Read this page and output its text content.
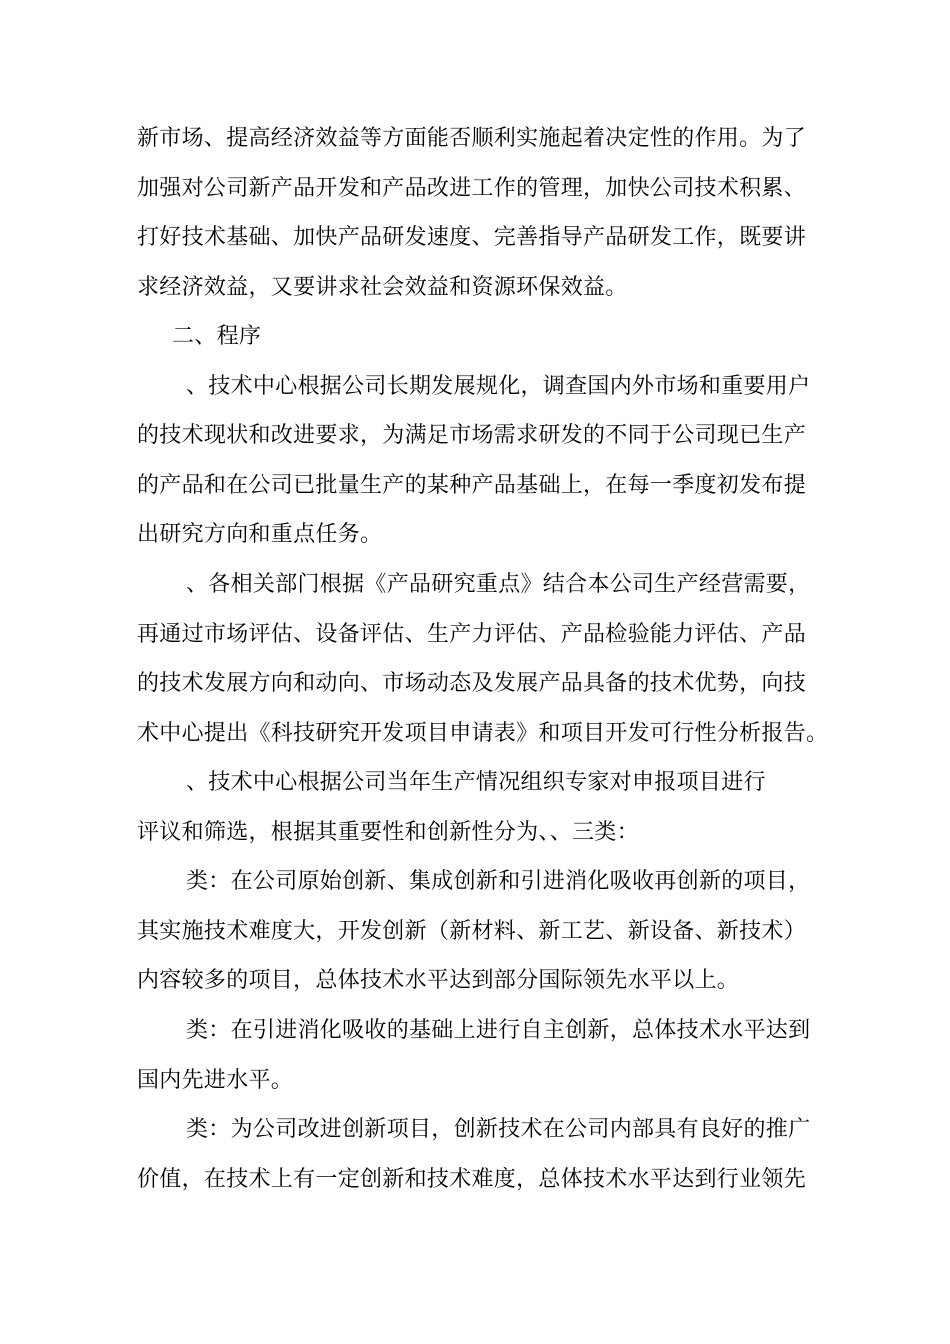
新市场、提高经济效益等方面能否顺利实施起着决定性的作用。为了
加强对公司新产品开发和产品改进工作的管理，加快公司技术积累、
打好技术基础、加快产品研发速度、完善指导产品研发工作，既要讲
求经济效益，又要讲求社会效益和资源环保效益。
二、程序
、技术中心根据公司长期发展规化，调查国内外市场和重要用户
的技术现状和改进要求，为满足市场需求研发的不同于公司现已生产
的产品和在公司已批量生产的某种产品基础上，在每一季度初发布提
出研究方向和重点任务。
、各相关部门根据《产品研究重点》结合本公司生产经营需要，
再通过市场评估、设备评估、生产力评估、产品检验能力评估、产品
的技术发展方向和动向、市场动态及发展产品具备的技术优势，向技
术中心提出《科技研究开发项目申请表》和项目开发可行性分析报告。
、技术中心根据公司当年生产情况组织专家对申报项目进行
评议和筛选，根据其重要性和创新性分为、、三类：
类：在公司原始创新、集成创新和引进消化吸收再创新的项目，
其实施技术难度大，开发创新（新材料、新工艺、新设备、新技术）
内容较多的项目，总体技术水平达到部分国际领先水平以上。
类：在引进消化吸收的基础上进行自主创新，总体技术水平达到
国内先进水平。
类：为公司改进创新项目，创新技术在公司内部具有良好的推广
价值，在技术上有一定创新和技术难度，总体技术水平达到行业领先
